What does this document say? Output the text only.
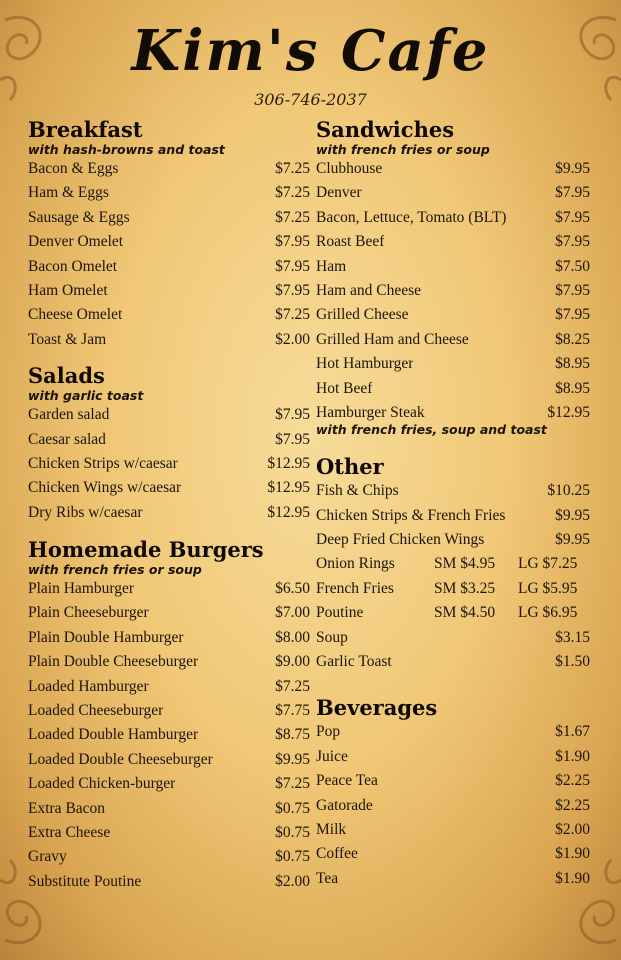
Kim's Cafe
306-746-2037
Breakfast
with hash-browns and toast
Bacon & Eggs	$7.25
Ham & Eggs	$7.25
Sausage & Eggs	$7.25
Denver Omelet	$7.95
Bacon Omelet	$7.95
Ham Omelet	$7.95
Cheese Omelet	$7.25
Toast & Jam	$2.00
Salads
with garlic toast
Garden salad	$7.95
Caesar salad	$7.95
Chicken Strips w/caesar	$12.95
Chicken Wings w/caesar	$12.95
Dry Ribs w/caesar	$12.95
Homemade Burgers
with french fries or soup
Plain Hamburger	$6.50
Plain Cheeseburger	$7.00
Plain Double Hamburger	$8.00
Plain Double Cheeseburger	$9.00
Loaded Hamburger	$7.25
Loaded Cheeseburger	$7.75
Loaded Double Hamburger	$8.75
Loaded Double Cheeseburger	$9.95
Loaded Chicken-burger	$7.25
Extra Bacon	$0.75
Extra Cheese	$0.75
Gravy	$0.75
Substitute Poutine	$2.00
Sandwiches
with french fries or soup
Clubhouse	$9.95
Denver	$7.95
Bacon, Lettuce, Tomato (BLT)	$7.95
Roast Beef	$7.95
Ham	$7.50
Ham and Cheese	$7.95
Grilled Cheese	$7.95
Grilled Ham and Cheese	$8.25
Hot Hamburger	$8.95
Hot Beef	$8.95
Hamburger Steak	$12.95
with french fries, soup and toast
Other
Fish & Chips	$10.25
Chicken Strips & French Fries	$9.95
Deep Fried Chicken Wings	$9.95
Onion Rings	SM $4.95	LG $7.25
French Fries	SM $3.25	LG $5.95
Poutine	SM $4.50	LG $6.95
Soup	$3.15
Garlic Toast	$1.50
Beverages
Pop	$1.67
Juice	$1.90
Peace Tea	$2.25
Gatorade	$2.25
Milk	$2.00
Coffee	$1.90
Tea	$1.90
